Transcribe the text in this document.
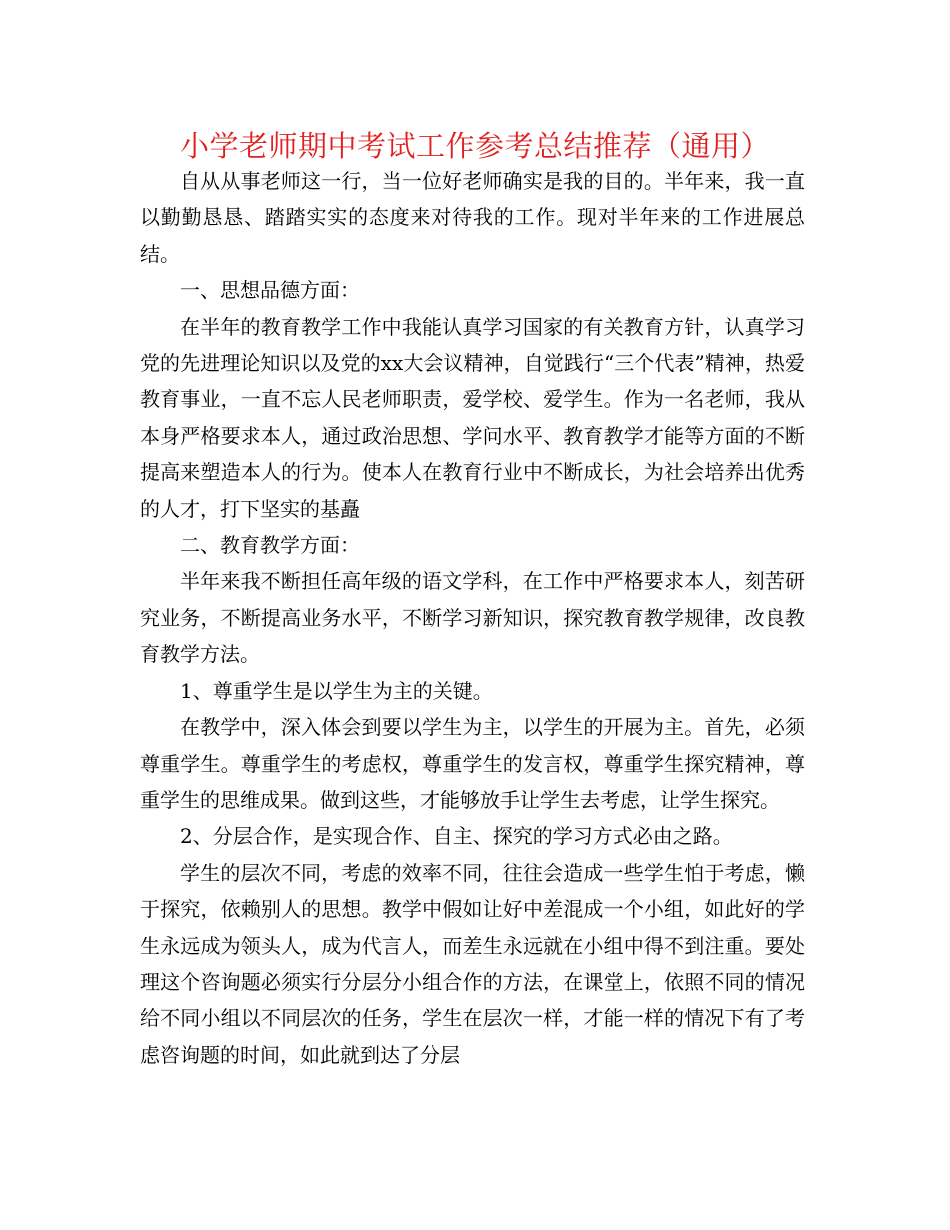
小学老师期中考试工作参考总结推荐（通用）

自从从事老师这一行，当一位好老师确实是我的目的。半年来，我一直以勤勤恳恳、踏踏实实的态度来对待我的工作。现对半年来的工作进展总结。

一、思想品德方面：

在半年的教育教学工作中我能认真学习国家的有关教育方针，认真学习党的先进理论知识以及党的xx大会议精神，自觉践行“三个代表”精神，热爱教育事业，一直不忘人民老师职责，爱学校、爱学生。作为一名老师，我从本身严格要求本人，通过政治思想、学问水平、教育教学才能等方面的不断提高来塑造本人的行为。使本人在教育行业中不断成长，为社会培养出优秀的人才，打下坚实的基矗

二、教育教学方面：

半年来我不断担任高年级的语文学科，在工作中严格要求本人，刻苦研究业务，不断提高业务水平，不断学习新知识，探究教育教学规律，改良教育教学方法。

1、尊重学生是以学生为主的关键。

在教学中，深入体会到要以学生为主，以学生的开展为主。首先，必须尊重学生。尊重学生的考虑权，尊重学生的发言权，尊重学生探究精神，尊重学生的思维成果。做到这些，才能够放手让学生去考虑，让学生探究。

2、分层合作，是实现合作、自主、探究的学习方式必由之路。

学生的层次不同，考虑的效率不同，往往会造成一些学生怕于考虑，懒于探究，依赖别人的思想。教学中假如让好中差混成一个小组，如此好的学生永远成为领头人，成为代言人，而差生永远就在小组中得不到注重。要处理这个咨询题必须实行分层分小组合作的方法，在课堂上，依照不同的情况给不同小组以不同层次的任务，学生在层次一样，才能一样的情况下有了考虑咨询题的时间，如此就到达了分层
